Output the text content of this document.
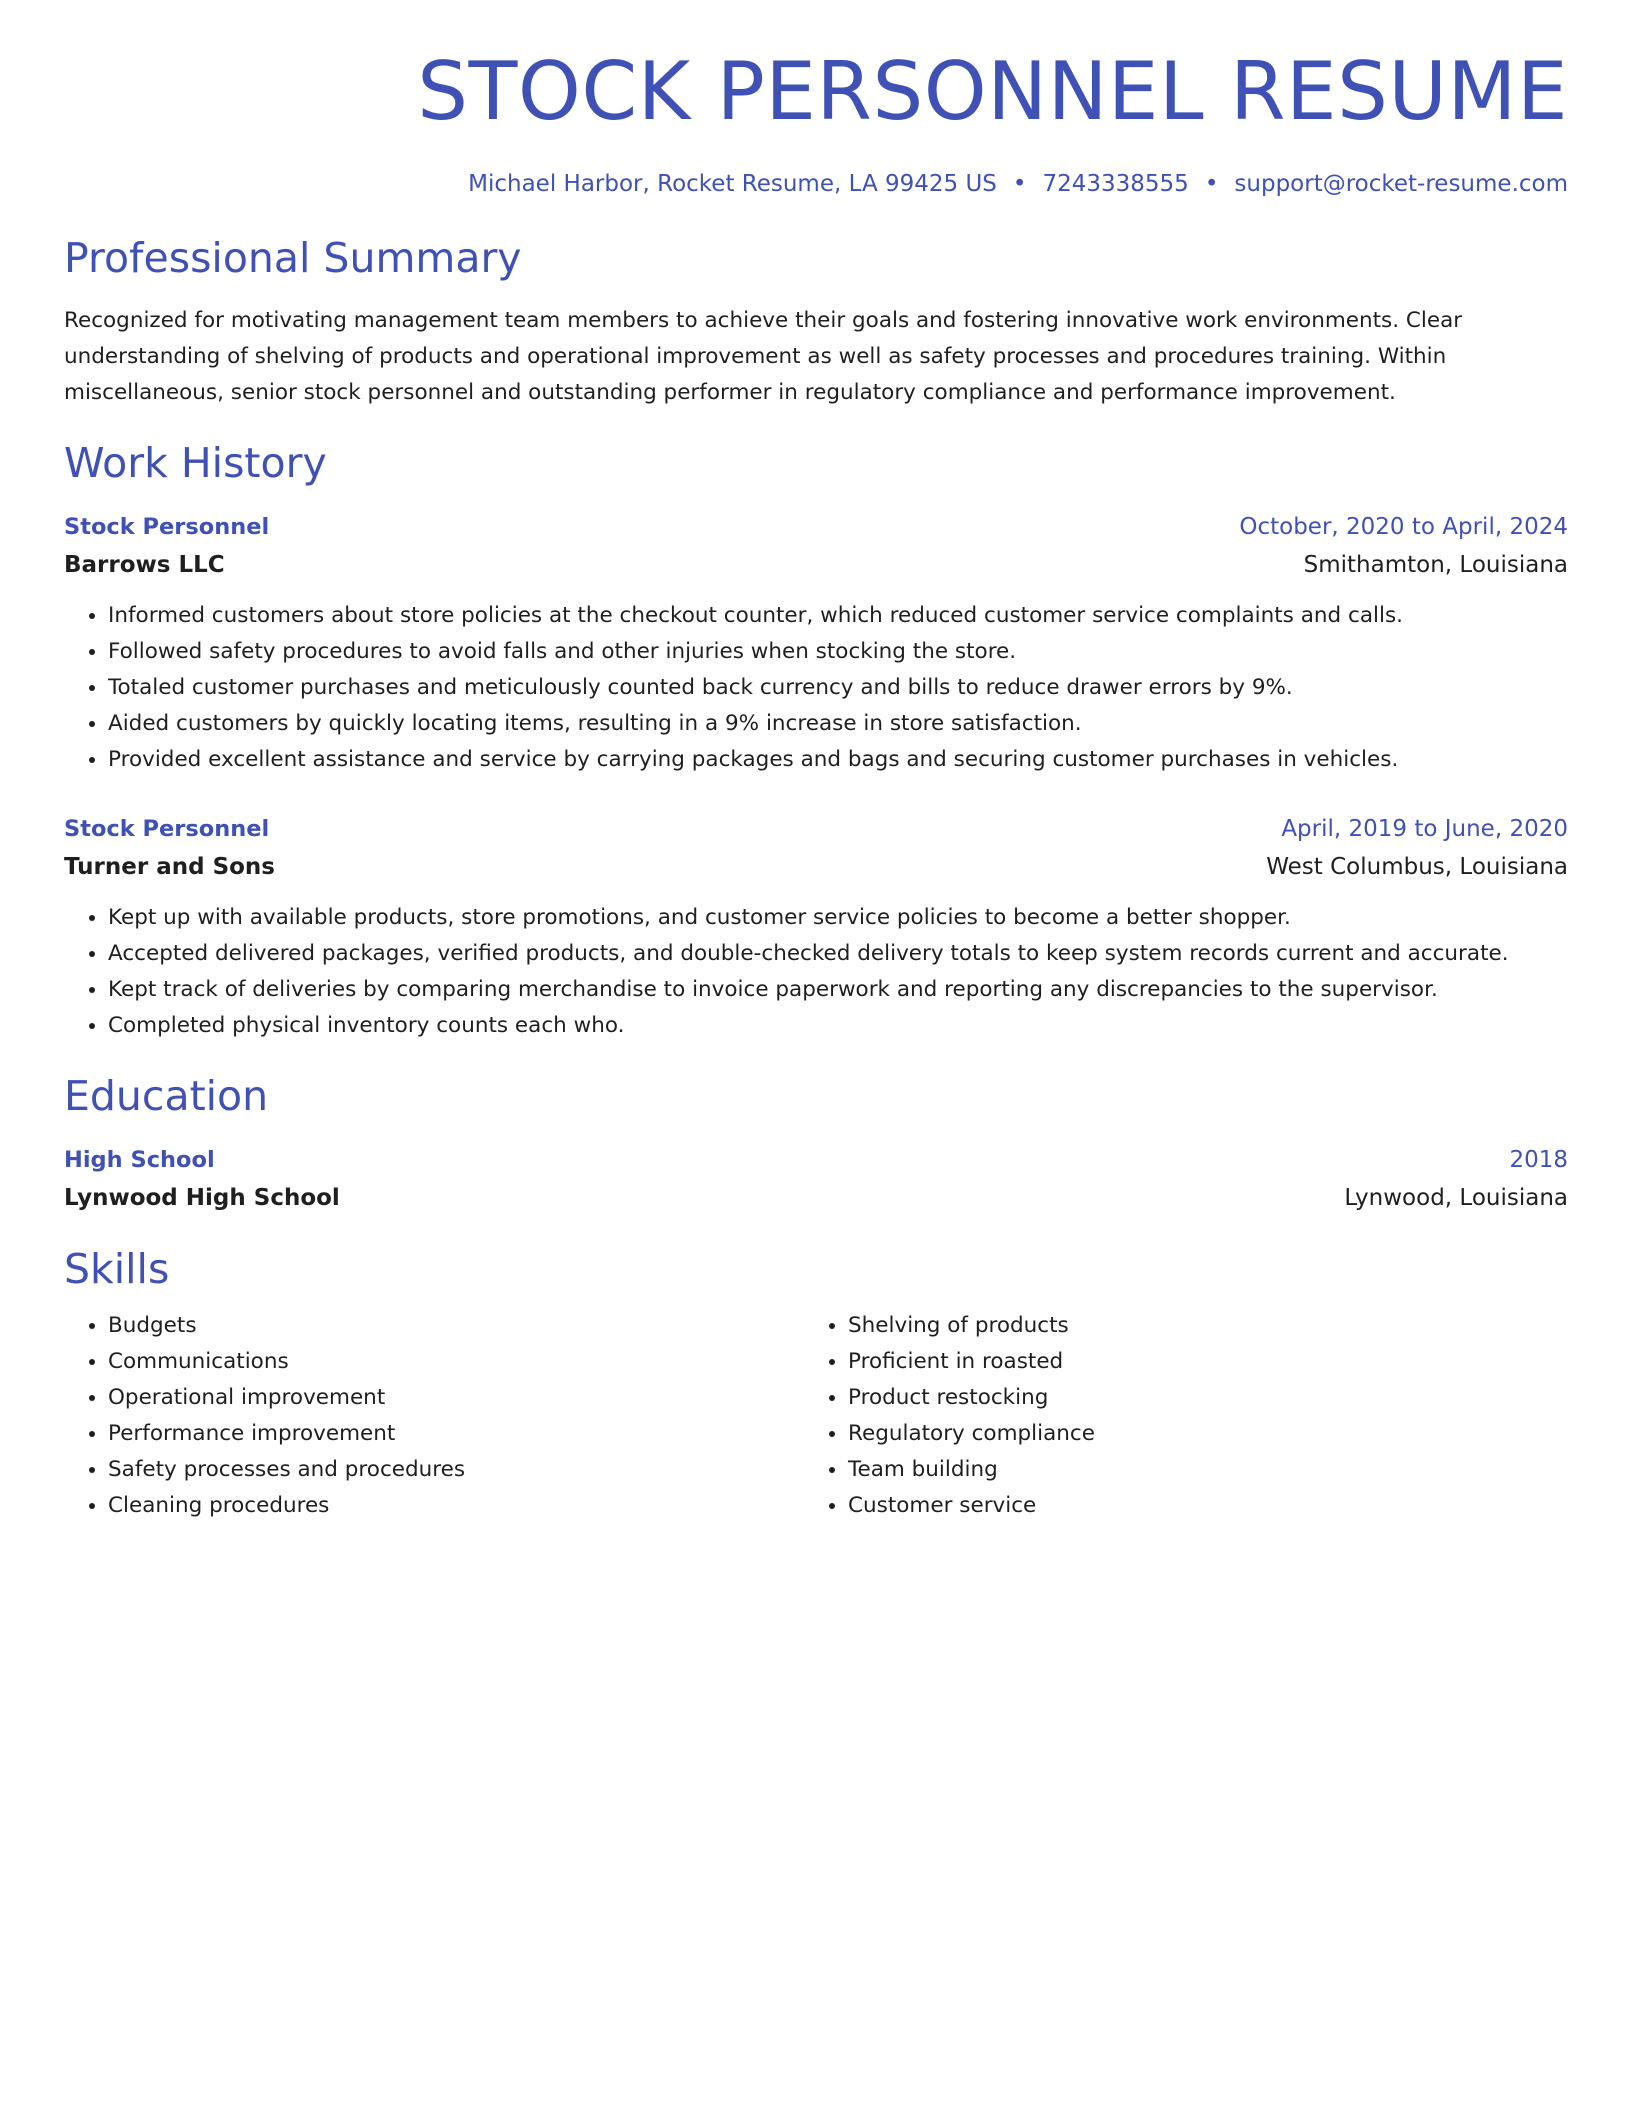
STOCK PERSONNEL RESUME
Michael Harbor, Rocket Resume, LA 99425 US • 7243338555 • support@rocket-resume.com
Professional Summary
Recognized for motivating management team members to achieve their goals and fostering innovative work environments. Clear understanding of shelving of products and operational improvement as well as safety processes and procedures training. Within miscellaneous, senior stock personnel and outstanding performer in regulatory compliance and performance improvement.
Work History
Stock Personnel	October, 2020 to April, 2024
Barrows LLC	Smithamton, Louisiana
• Informed customers about store policies at the checkout counter, which reduced customer service complaints and calls.
• Followed safety procedures to avoid falls and other injuries when stocking the store.
• Totaled customer purchases and meticulously counted back currency and bills to reduce drawer errors by 9%.
• Aided customers by quickly locating items, resulting in a 9% increase in store satisfaction.
• Provided excellent assistance and service by carrying packages and bags and securing customer purchases in vehicles.
Stock Personnel	April, 2019 to June, 2020
Turner and Sons	West Columbus, Louisiana
• Kept up with available products, store promotions, and customer service policies to become a better shopper.
• Accepted delivered packages, verified products, and double-checked delivery totals to keep system records current and accurate.
• Kept track of deliveries by comparing merchandise to invoice paperwork and reporting any discrepancies to the supervisor.
• Completed physical inventory counts each who.
Education
High School	2018
Lynwood High School	Lynwood, Louisiana
Skills
• Budgets
• Communications
• Operational improvement
• Performance improvement
• Safety processes and procedures
• Cleaning procedures
• Shelving of products
• Proficient in roasted
• Product restocking
• Regulatory compliance
• Team building
• Customer service
